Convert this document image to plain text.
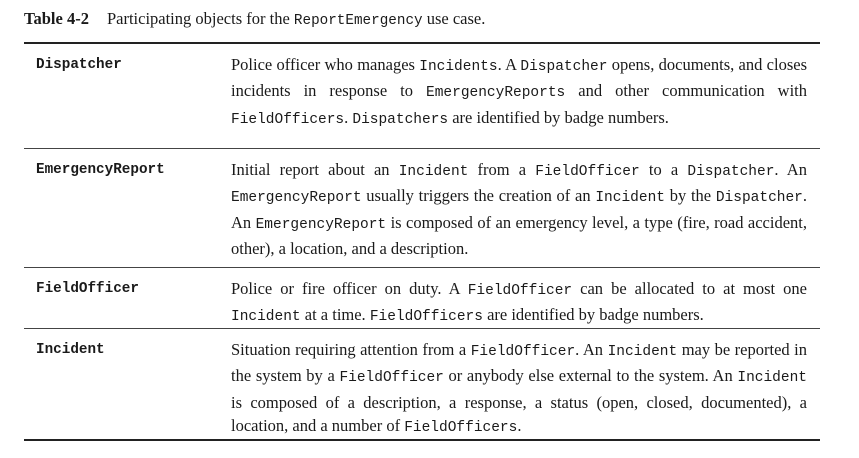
Table 4-2 Participating objects for the ReportEmergency use case.
Dispatcher	Police officer who manages Incidents. A Dispatcher opens, documents, and closes incidents in response to EmergencyReports and other communication with FieldOfficers. Dispatchers are identified by badge numbers.
EmergencyReport	Initial report about an Incident from a FieldOfficer to a Dispatcher. An EmergencyReport usually triggers the creation of an Incident by the Dispatcher. An EmergencyReport is composed of an emergency level, a type (fire, road accident, other), a location, and a description.
FieldOfficer	Police or fire officer on duty. A FieldOfficer can be allocated to at most one Incident at a time. FieldOfficers are identified by badge numbers.
Incident	Situation requiring attention from a FieldOfficer. An Incident may be reported in the system by a FieldOfficer or anybody else external to the system. An Incident is composed of a description, a response, a status (open, closed, documented), a location, and a number of FieldOfficers.
